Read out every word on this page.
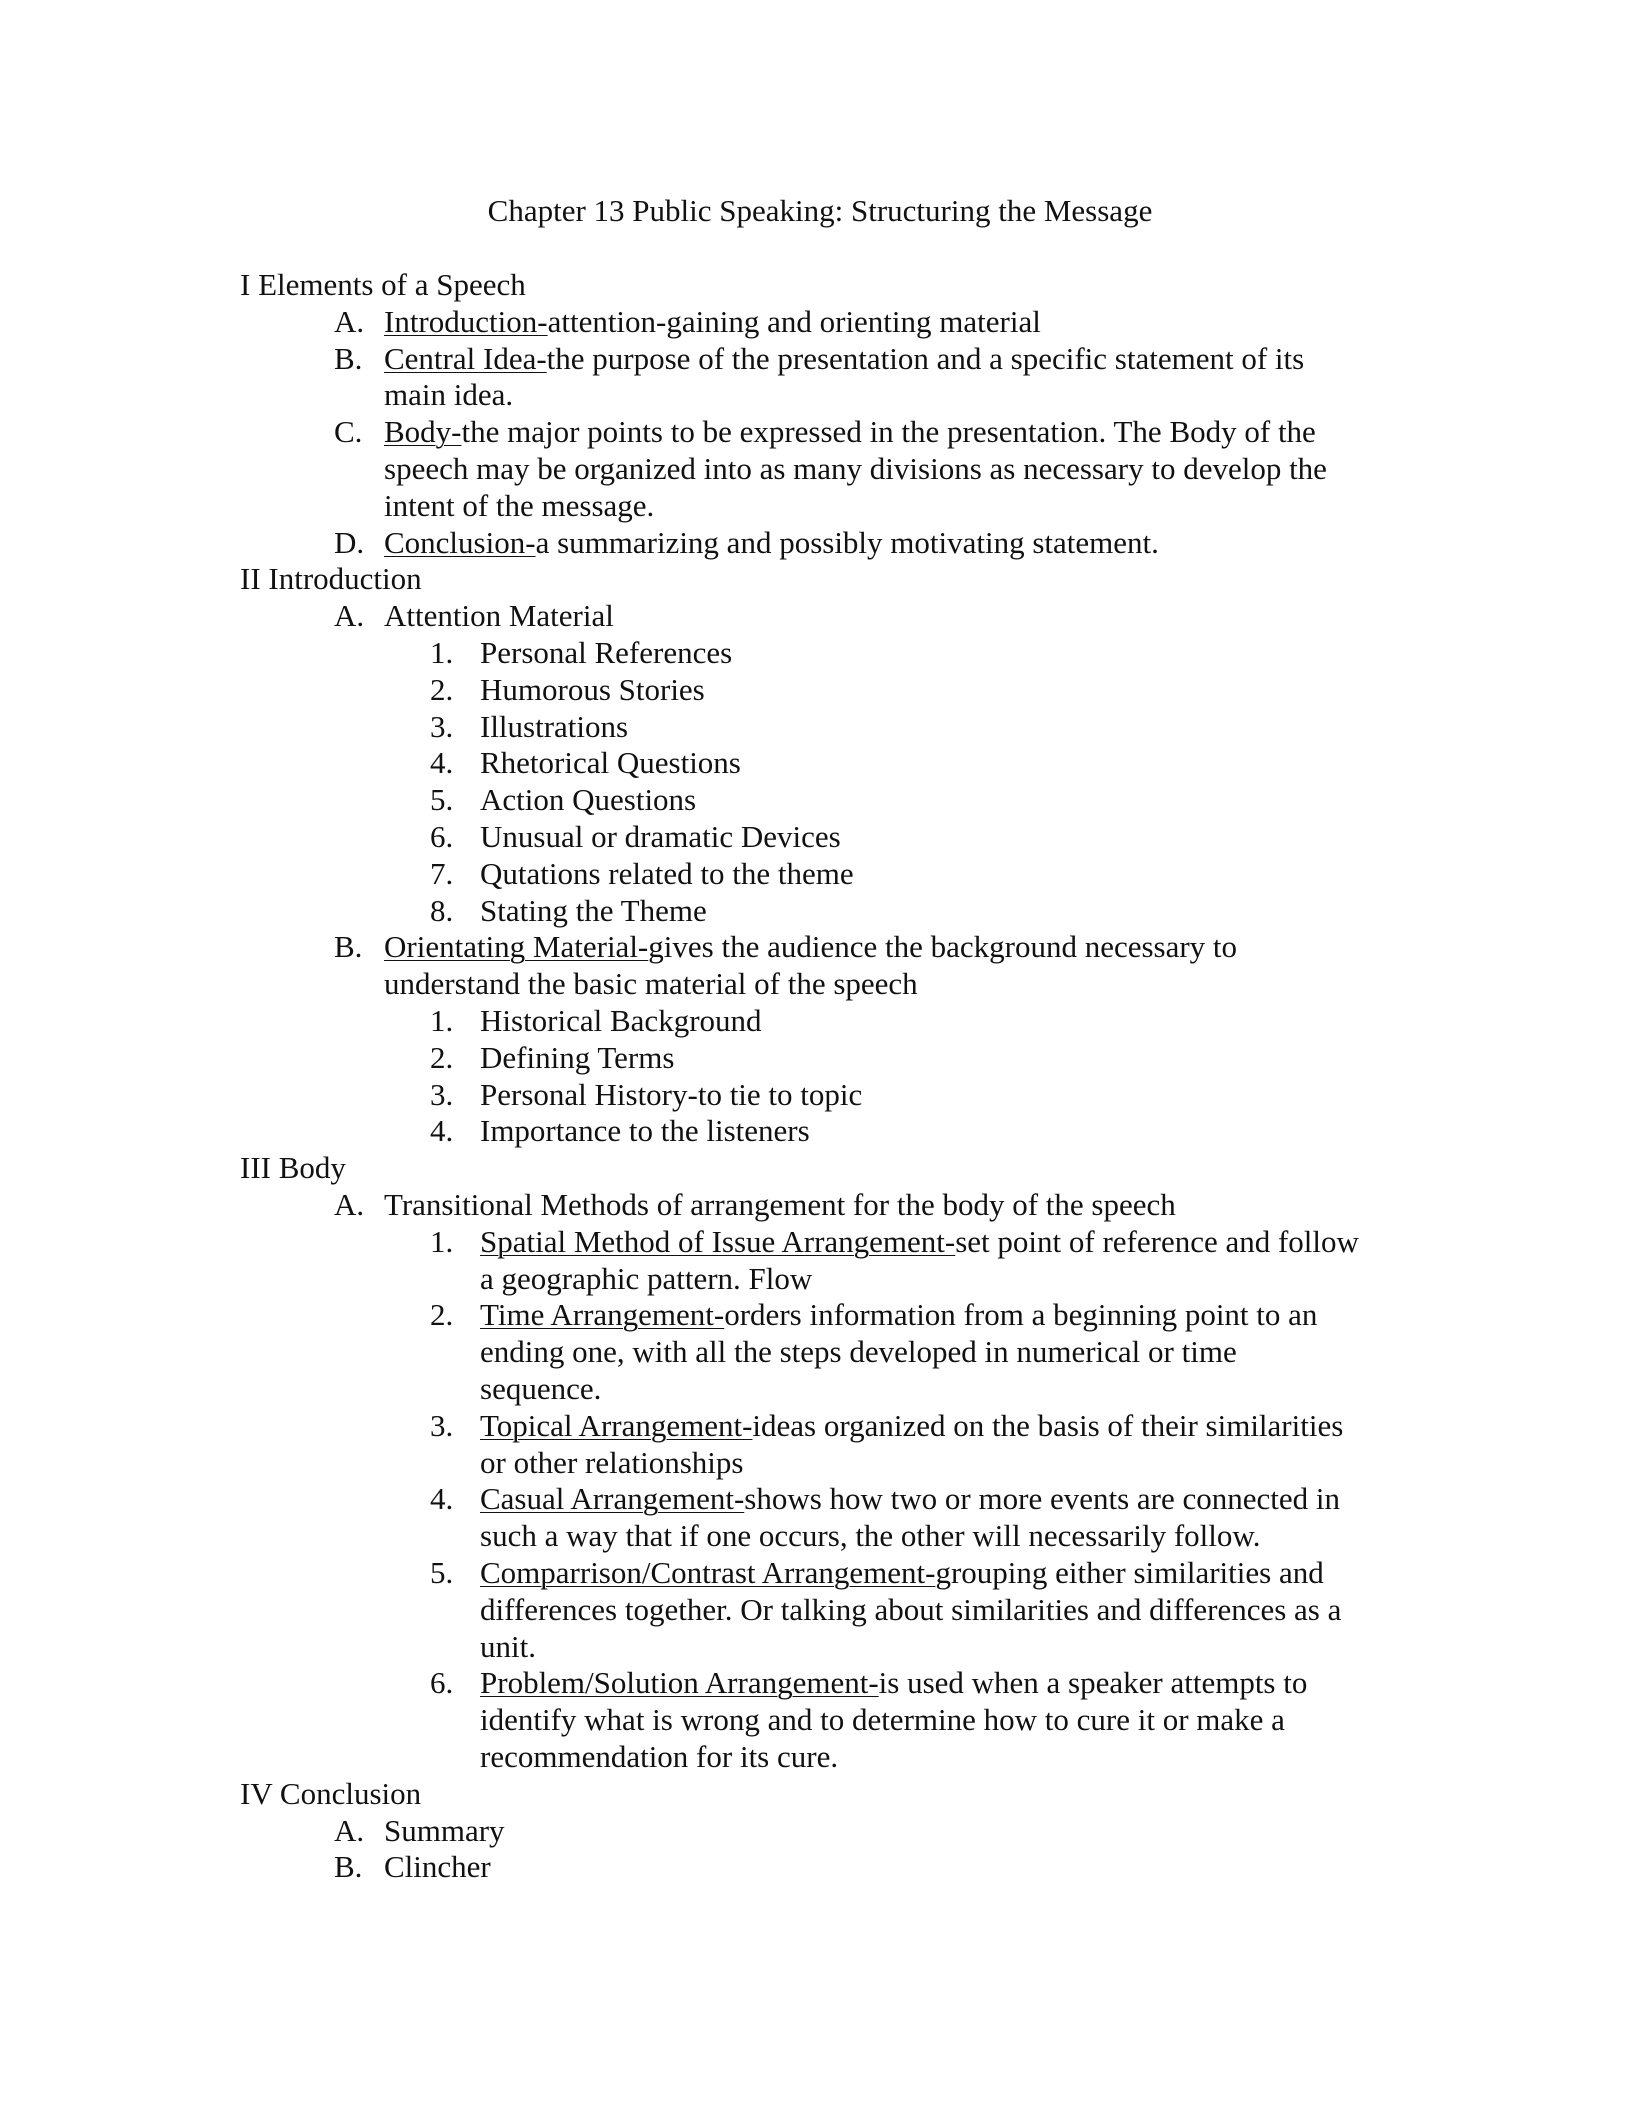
Chapter 13 Public Speaking: Structuring the Message
I Elements of a Speech
A. Introduction-attention-gaining and orienting material
B. Central Idea-the purpose of the presentation and a specific statement of its
main idea.
C. Body-the major points to be expressed in the presentation. The Body of the
speech may be organized into as many divisions as necessary to develop the
intent of the message.
D. Conclusion-a summarizing and possibly motivating statement.
II Introduction
A. Attention Material
1. Personal References
2. Humorous Stories
3. Illustrations
4. Rhetorical Questions
5. Action Questions
6. Unusual or dramatic Devices
7. Qutations related to the theme
8. Stating the Theme
B. Orientating Material-gives the audience the background necessary to
understand the basic material of the speech
1. Historical Background
2. Defining Terms
3. Personal History-to tie to topic
4. Importance to the listeners
III Body
A. Transitional Methods of arrangement for the body of the speech
1. Spatial Method of Issue Arrangement-set point of reference and follow
a geographic pattern. Flow
2. Time Arrangement-orders information from a beginning point to an
ending one, with all the steps developed in numerical or time
sequence.
3. Topical Arrangement-ideas organized on the basis of their similarities
or other relationships
4. Casual Arrangement-shows how two or more events are connected in
such a way that if one occurs, the other will necessarily follow.
5. Comparrison/Contrast Arrangement-grouping either similarities and
differences together. Or talking about similarities and differences as a
unit.
6. Problem/Solution Arrangement-is used when a speaker attempts to
identify what is wrong and to determine how to cure it or make a
recommendation for its cure.
IV Conclusion
A. Summary
B. Clincher
